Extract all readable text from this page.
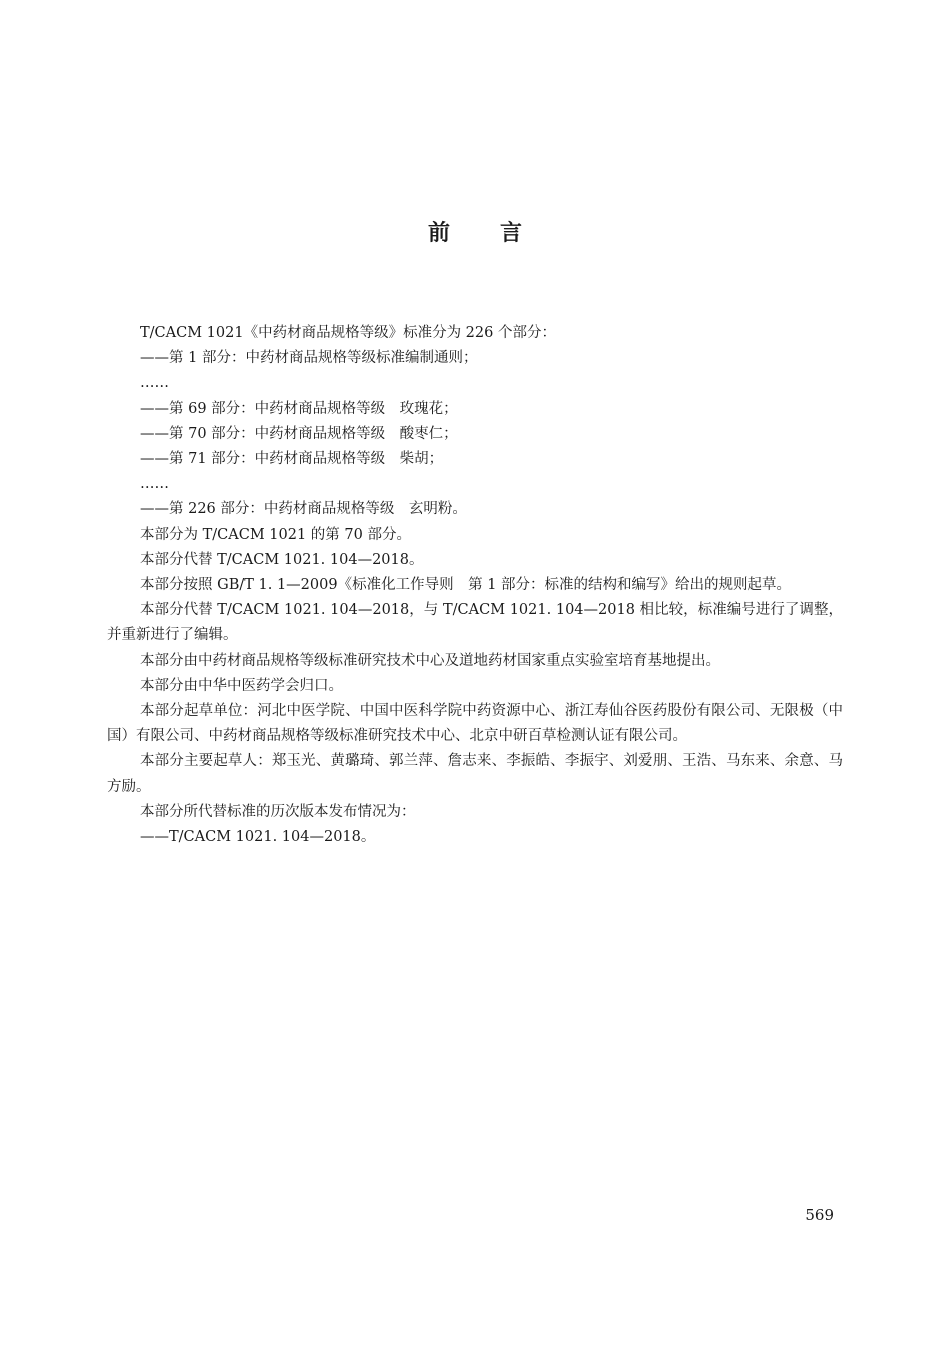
前言

T/CACM 1021《中药材商品规格等级》标准分为 226 个部分：

——第 1 部分：中药材商品规格等级标准编制通则；

……

——第 69 部分：中药材商品规格等级　玫瑰花；

——第 70 部分：中药材商品规格等级　酸枣仁；

——第 71 部分：中药材商品规格等级　柴胡；

……

——第 226 部分：中药材商品规格等级　玄明粉。

本部分为 T/CACM 1021 的第 70 部分。

本部分代替 T/CACM 1021. 104—2018。

本部分按照 GB/T 1. 1—2009《标准化工作导则　第 1 部分：标准的结构和编写》给出的规则起草。

本部分代替 T/CACM 1021. 104—2018，与 T/CACM 1021. 104—2018 相比较，标准编号进行了调整，并重新进行了编辑。

本部分由中药材商品规格等级标准研究技术中心及道地药材国家重点实验室培育基地提出。

本部分由中华中医药学会归口。

本部分起草单位：河北中医学院、中国中医科学院中药资源中心、浙江寿仙谷医药股份有限公司、无限极（中国）有限公司、中药材商品规格等级标准研究技术中心、北京中研百草检测认证有限公司。

本部分主要起草人：郑玉光、黄璐琦、郭兰萍、詹志来、李振皓、李振宇、刘爱朋、王浩、马东来、余意、马方励。

本部分所代替标准的历次版本发布情况为：

——T/CACM 1021. 104—2018。

569
